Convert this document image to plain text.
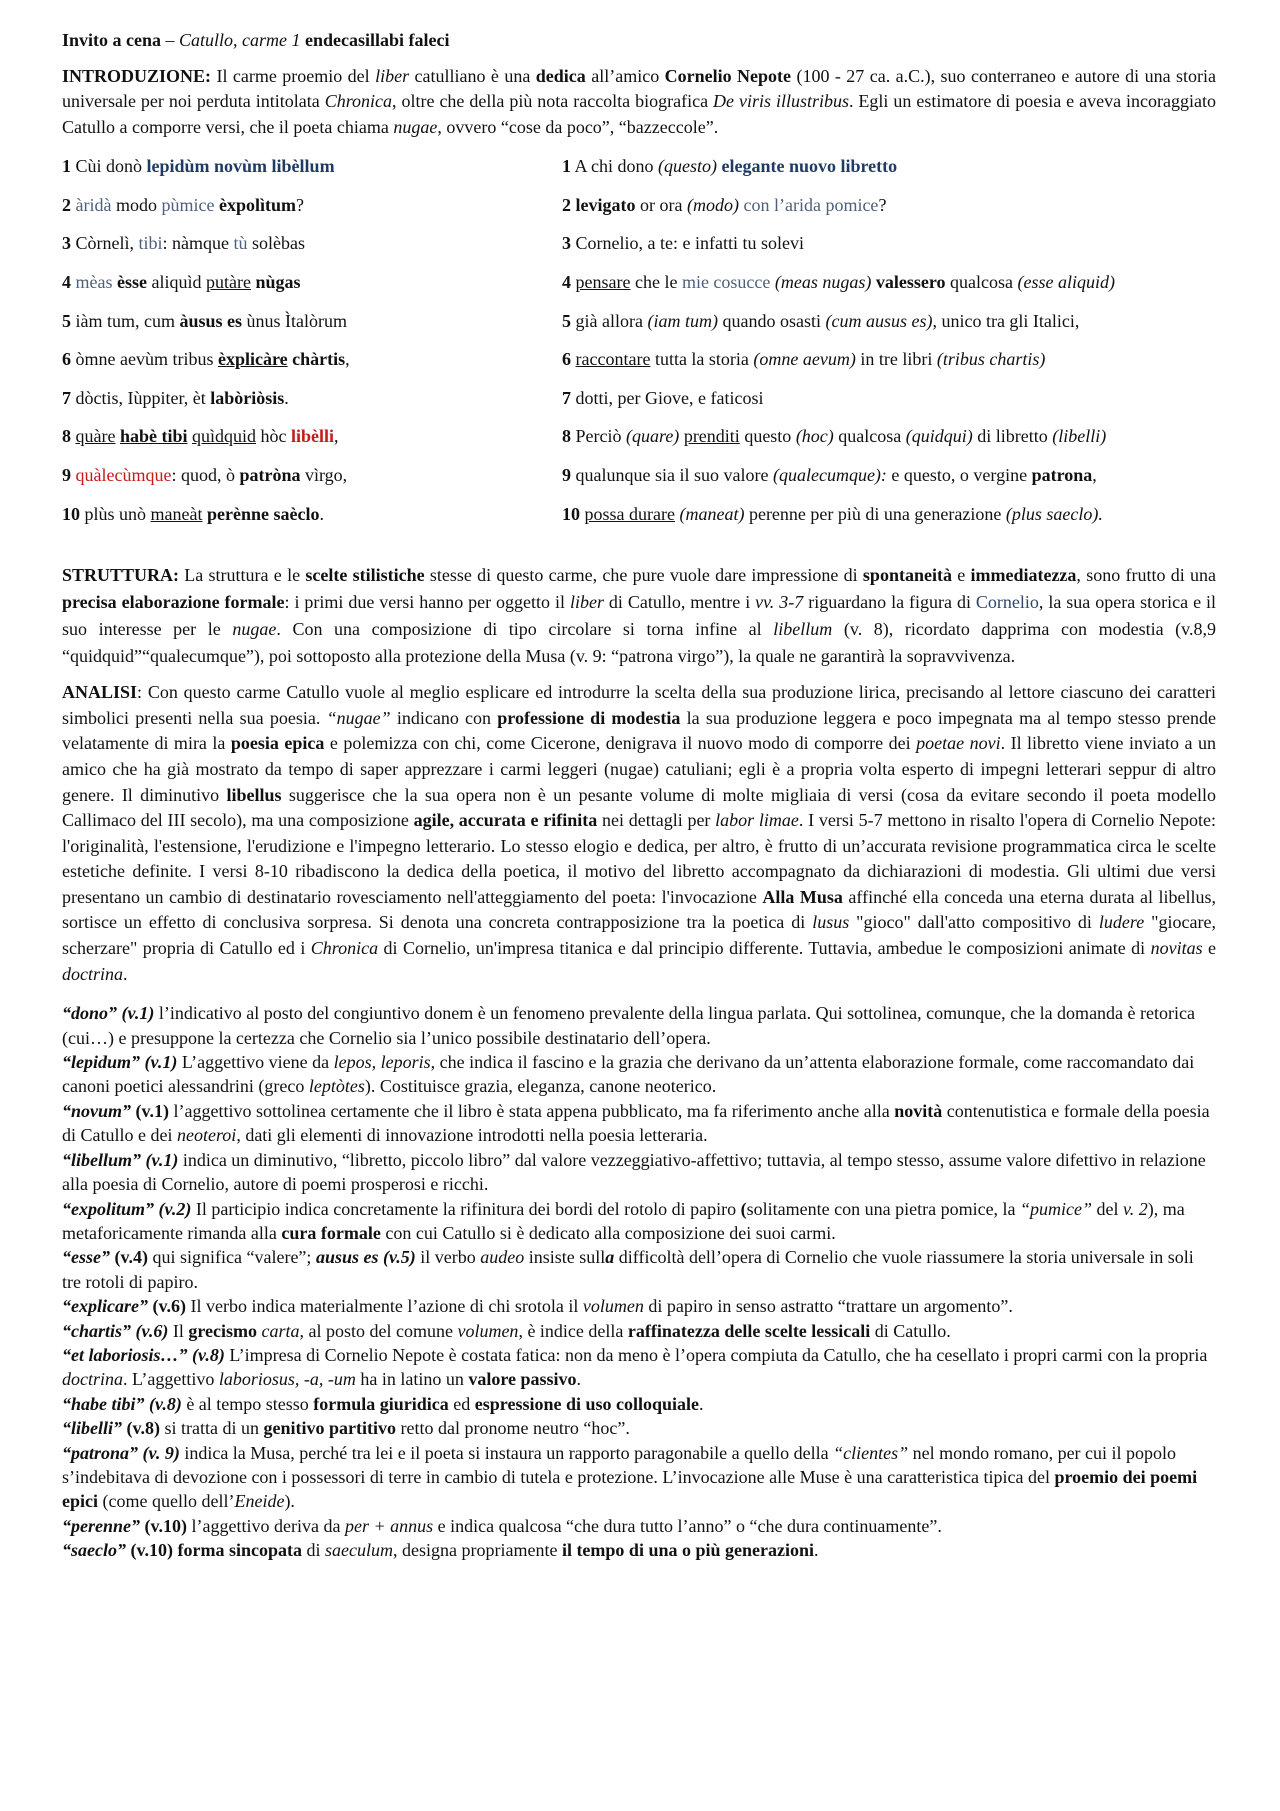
Invito a cena – Catullo, carme 1 endecasillabi faleci

INTRODUZIONE: Il carme proemio del liber catulliano è una dedica all’amico Cornelio Nepote (100 - 27 ca. a.C.), suo conterraneo e autore di una storia universale per noi perduta intitolata Chronica, oltre che della più nota raccolta biografica De viris illustribus. Egli un estimatore di poesia e aveva incoraggiato Catullo a comporre versi, che il poeta chiama nugae, ovvero “cose da poco”, “bazzeccole”.

1 Cùi donò lepidùm novùm libèllum	1 A chi dono (questo) elegante nuovo libretto
2 àridà modo pùmice èxpolìtum?	2 levigato or ora (modo) con l’arida pomice?
3 Còrnelì, tibi: nàmque tù solèbas	3 Cornelio, a te: e infatti tu solevi
4 mèas èsse aliquìd putàre nùgas	4 pensare che le mie cosucce (meas nugas) valessero qualcosa (esse aliquid)
5 iàm tum, cum àusus es ùnus Ìtalòrum	5 già allora (iam tum) quando osasti (cum ausus es), unico tra gli Italici,
6 òmne aevùm tribus èxplicàre chàrtis,	6 raccontare tutta la storia (omne aevum) in tre libri (tribus chartis)
7 dòctis, Iùppiter, èt labòriòsis.	7 dotti, per Giove, e faticosi
8 quàre habè tibi quìdquid hòc libèlli,	8 Perciò (quare) prenditi questo (hoc) qualcosa (quidqui) di libretto (libelli)
9 quàlecùmque: quod, ò patròna vìrgo,	9 qualunque sia il suo valore (qualecumque): e questo, o vergine patrona,
10 plùs unò maneàt perènne saèclo.	10 possa durare (maneat) perenne per più di una generazione (plus saeclo).

STRUTTURA: La struttura e le scelte stilistiche stesse di questo carme, che pure vuole dare impressione di spontaneità e immediatezza, sono frutto di una precisa elaborazione formale: i primi due versi hanno per oggetto il liber di Catullo, mentre i vv. 3-7 riguardano la figura di Cornelio, la sua opera storica e il suo interesse per le nugae. Con una composizione di tipo circolare si torna infine al libellum (v. 8), ricordato dapprima con modestia (v.8,9 “quidquid”“qualecumque”), poi sottoposto alla protezione della Musa (v. 9: “patrona virgo”), la quale ne garantirà la sopravvivenza.

ANALISI: Con questo carme Catullo vuole al meglio esplicare ed introdurre la scelta della sua produzione lirica, precisando al lettore ciascuno dei caratteri simbolici presenti nella sua poesia. “nugae” indicano con professione di modestia la sua produzione leggera e poco impegnata ma al tempo stesso prende velatamente di mira la poesia epica e polemizza con chi, come Cicerone, denigrava il nuovo modo di comporre dei poetae novi. Il libretto viene inviato a un amico che ha già mostrato da tempo di saper apprezzare i carmi leggeri (nugae) catuliani; egli è a propria volta esperto di impegni letterari seppur di altro genere. Il diminutivo libellus suggerisce che la sua opera non è un pesante volume di molte migliaia di versi (cosa da evitare secondo il poeta modello Callimaco del III secolo), ma una composizione agile, accurata e rifinita nei dettagli per labor limae. I versi 5-7 mettono in risalto l'opera di Cornelio Nepote: l'originalità, l'estensione, l'erudizione e l'impegno letterario. Lo stesso elogio e dedica, per altro, è frutto di un’accurata revisione programmatica circa le scelte estetiche definite. I versi 8-10 ribadiscono la dedica della poetica, il motivo del libretto accompagnato da dichiarazioni di modestia. Gli ultimi due versi presentano un cambio di destinatario rovesciamento nell'atteggiamento del poeta: l'invocazione Alla Musa affinché ella conceda una eterna durata al libellus, sortisce un effetto di conclusiva sorpresa. Si denota una concreta contrapposizione tra la poetica di lusus "gioco" dall'atto compositivo di ludere "giocare, scherzare" propria di Catullo ed i Chronica di Cornelio, un'impresa titanica e dal principio differente. Tuttavia, ambedue le composizioni animate di novitas e doctrina.

“dono” (v.1) l’indicativo al posto del congiuntivo donem è un fenomeno prevalente della lingua parlata. Qui sottolinea, comunque, che la domanda è retorica (cui…) e presuppone la certezza che Cornelio sia l’unico possibile destinatario dell’opera.

“lepidum” (v.1) L’aggettivo viene da lepos, leporis, che indica il fascino e la grazia che derivano da un’attenta elaborazione formale, come raccomandato dai canoni poetici alessandrini (greco leptòtes). Costituisce grazia, eleganza, canone neoterico.

“novum” (v.1) l’aggettivo sottolinea certamente che il libro è stata appena pubblicato, ma fa riferimento anche alla novità contenutistica e formale della poesia di Catullo e dei neoteroi, dati gli elementi di innovazione introdotti nella poesia letteraria.

“libellum” (v.1) indica un diminutivo, “libretto, piccolo libro” dal valore vezzeggiativo-affettivo; tuttavia, al tempo stesso, assume valore difettivo in relazione alla poesia di Cornelio, autore di poemi prosperosi e ricchi.

“expolitum” (v.2) Il participio indica concretamente la rifinitura dei bordi del rotolo di papiro (solitamente con una pietra pomice, la “pumice” del v. 2), ma metaforicamente rimanda alla cura formale con cui Catullo si è dedicato alla composizione dei suoi carmi.

“esse” (v.4) qui significa “valere”; ausus es (v.5) il verbo audeo insiste sulla difficoltà dell’opera di Cornelio che vuole riassumere la storia universale in soli tre rotoli di papiro.

“explicare” (v.6) Il verbo indica materialmente l’azione di chi srotola il volumen di papiro in senso astratto “trattare un argomento”.

“chartis” (v.6) Il grecismo carta, al posto del comune volumen, è indice della raffinatezza delle scelte lessicali di Catullo.

“et laboriosis…” (v.8) L’impresa di Cornelio Nepote è costata fatica: non da meno è l’opera compiuta da Catullo, che ha cesellato i propri carmi con la propria doctrina. L’aggettivo laboriosus, -a, -um ha in latino un valore passivo.

“habe tibi” (v.8) è al tempo stesso formula giuridica ed espressione di uso colloquiale.

“libelli” (v.8) si tratta di un genitivo partitivo retto dal pronome neutro “hoc”.

“patrona” (v. 9) indica la Musa, perché tra lei e il poeta si instaura un rapporto paragonabile a quello della “clientes” nel mondo romano, per cui il popolo s’indebitava di devozione con i possessori di terre in cambio di tutela e protezione. L’invocazione alle Muse è una caratteristica tipica del proemio dei poemi epici (come quello dell’Eneide).

“perenne” (v.10) l’aggettivo deriva da per + annus e indica qualcosa “che dura tutto l’anno” o “che dura continuamente”.

“saeclo” (v.10) forma sincopata di saeculum, designa propriamente il tempo di una o più generazioni.
